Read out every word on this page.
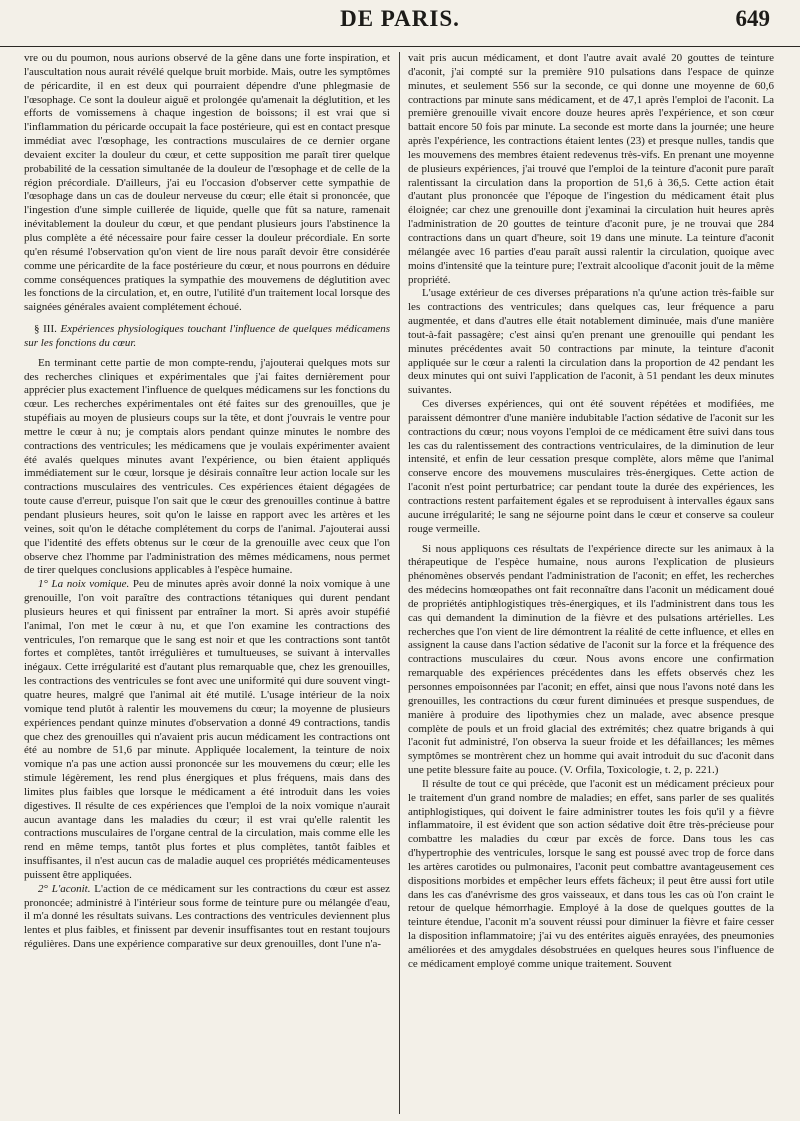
DE PARIS.	649

vre ou du poumon, nous aurions observé de la gêne dans une forte inspiration, et l'auscultation nous aurait révélé quelque bruit morbide. Mais, outre les symptômes de péricardite, il en est deux qui pourraient dépendre d'une phlegmasie de l'œsophage. Ce sont la douleur aiguë et prolongée qu'amenait la déglutition, et les efforts de vomissemens à chaque ingestion de boissons; il est vrai que si l'inflammation du péricarde occupait la face postérieure, qui est en contact presque immédiat avec l'œsophage, les contractions musculaires de ce dernier organe devaient exciter la douleur du cœur, et cette supposition me paraît tirer quelque probabilité de la cessation simultanée de la douleur de l'œsophage et de celle de la région précordiale. D'ailleurs, j'ai eu l'occasion d'observer cette sympathie de l'œsophage dans un cas de douleur nerveuse du cœur; elle était si prononcée, que l'ingestion d'une simple cuillerée de liquide, quelle que fût sa nature, ramenait inévitablement la douleur du cœur, et que pendant plusieurs jours l'abstinence la plus complète a été nécessaire pour faire cesser la douleur précordiale. En sorte qu'en résumé l'observation qu'on vient de lire nous paraît devoir être considérée comme une péricardite de la face postérieure du cœur, et nous pourrons en déduire comme conséquences pratiques la sympathie des mouvemens de déglutition avec les fonctions de la circulation, et, en outre, l'utilité d'un traitement local lorsque des saignées générales avaient complétement échoué.

§ III. Expériences physiologiques touchant l'influence de quelques médicamens sur les fonctions du cœur.

En terminant cette partie de mon compte-rendu, j'ajouterai quelques mots sur des recherches cliniques et expérimentales que j'ai faites dernièrement pour apprécier plus exactement l'influence de quelques médicamens sur les fonctions du cœur. Les recherches expérimentales ont été faites sur des grenouilles, que je stupéfiais au moyen de plusieurs coups sur la tête, et dont j'ouvrais le ventre pour mettre le cœur à nu; je comptais alors pendant quinze minutes le nombre des contractions des ventricules; les médicamens que je voulais expérimenter avaient été avalés quelques minutes avant l'expérience, ou bien étaient appliqués immédiatement sur le cœur, lorsque je désirais connaître leur action locale sur les contractions musculaires des ventricules. Ces expériences étaient dégagées de toute cause d'erreur, puisque l'on sait que le cœur des grenouilles continue à battre pendant plusieurs heures, soit qu'on le laisse en rapport avec les artères et les veines, soit qu'on le détache complétement du corps de l'animal. J'ajouterai aussi que l'identité des effets obtenus sur le cœur de la grenouille avec ceux que l'on observe chez l'homme par l'administration des mêmes médicamens, nous permet de tirer quelques conclusions applicables à l'espèce humaine.

1° La noix vomique. Peu de minutes après avoir donné la noix vomique à une grenouille, l'on voit paraître des contractions tétaniques qui durent pendant plusieurs heures et qui finissent par entraîner la mort. Si après avoir stupéfié l'animal, l'on met le cœur à nu, et que l'on examine les contractions des ventricules, l'on remarque que le sang est noir et que les contractions sont tantôt fortes et complètes, tantôt irrégulières et tumultueuses, se suivant à intervalles inégaux. Cette irrégularité est d'autant plus remarquable que, chez les grenouilles, les contractions des ventricules se font avec une uniformité qui dure souvent vingt-quatre heures, malgré que l'animal ait été mutilé. L'usage intérieur de la noix vomique tend plutôt à ralentir les mouvemens du cœur; la moyenne de plusieurs expériences pendant quinze minutes d'observation a donné 49 contractions, tandis que chez des grenouilles qui n'avaient pris aucun médicament les contractions ont été au nombre de 51,6 par minute. Appliquée localement, la teinture de noix vomique n'a pas une action aussi prononcée sur les mouvemens du cœur; elle les stimule légèrement, les rend plus énergiques et plus fréquens, mais dans des limites plus faibles que lorsque le médicament a été introduit dans les voies digestives. Il résulte de ces expériences que l'emploi de la noix vomique n'aurait aucun avantage dans les maladies du cœur; il est vrai qu'elle ralentit les contractions musculaires de l'organe central de la circulation, mais comme elle les rend en même temps, tantôt plus fortes et plus complètes, tantôt faibles et insuffisantes, il n'est aucun cas de maladie auquel ces propriétés médicamenteuses puissent être appliquées.

2° L'aconit. L'action de ce médicament sur les contractions du cœur est assez prononcée; administré à l'intérieur sous forme de teinture pure ou mélangée d'eau, il m'a donné les résultats suivans. Les contractions des ventricules deviennent plus lentes et plus faibles, et finissent par devenir insuffisantes tout en restant toujours régulières. Dans une expérience comparative sur deux grenouilles, dont l'une n'a-

vait pris aucun médicament, et dont l'autre avait avalé 20 gouttes de teinture d'aconit, j'ai compté sur la première 910 pulsations dans l'espace de quinze minutes, et seulement 556 sur la seconde, ce qui donne une moyenne de 60,6 contractions par minute sans médicament, et de 47,1 après l'emploi de l'aconit. La première grenouille vivait encore douze heures après l'expérience, et son cœur battait encore 50 fois par minute. La seconde est morte dans la journée; une heure après l'expérience, les contractions étaient lentes (23) et presque nulles, tandis que les mouvemens des membres étaient redevenus très-vifs. En prenant une moyenne de plusieurs expériences, j'ai trouvé que l'emploi de la teinture d'aconit pure paraît ralentissant la circulation dans la proportion de 51,6 à 36,5. Cette action était d'autant plus prononcée que l'époque de l'ingestion du médicament était plus éloignée; car chez une grenouille dont j'examinai la circulation huit heures après l'administration de 20 gouttes de teinture d'aconit pure, je ne trouvai que 284 contractions dans un quart d'heure, soit 19 dans une minute. La teinture d'aconit mélangée avec 16 parties d'eau paraît aussi ralentir la circulation, quoique avec moins d'intensité que la teinture pure; l'extrait alcoolique d'aconit jouit de la même propriété.

L'usage extérieur de ces diverses préparations n'a qu'une action très-faible sur les contractions des ventricules; dans quelques cas, leur fréquence a paru augmentée, et dans d'autres elle était notablement diminuée, mais d'une manière tout-à-fait passagère; c'est ainsi qu'en prenant une grenouille qui pendant les minutes précédentes avait 50 contractions par minute, la teinture d'aconit appliquée sur le cœur a ralenti la circulation dans la proportion de 42 pendant les deux minutes qui ont suivi l'application de l'aconit, à 51 pendant les deux minutes suivantes.

Ces diverses expériences, qui ont été souvent répétées et modifiées, me paraissent démontrer d'une manière indubitable l'action sédative de l'aconit sur les contractions du cœur; nous voyons l'emploi de ce médicament être suivi dans tous les cas du ralentissement des contractions ventriculaires, de la diminution de leur intensité, et enfin de leur cessation presque complète, alors même que l'animal conserve encore des mouvemens musculaires très-énergiques. Cette action de l'aconit n'est point perturbatrice; car pendant toute la durée des expériences, les contractions restent parfaitement égales et se reproduisent à intervalles égaux sans aucune irrégularité; le sang ne séjourne point dans le cœur et conserve sa couleur rouge vermeille.

Si nous appliquons ces résultats de l'expérience directe sur les animaux à la thérapeutique de l'espèce humaine, nous aurons l'explication de plusieurs phénomènes observés pendant l'administration de l'aconit; en effet, les recherches des médecins homœopathes ont fait reconnaître dans l'aconit un médicament doué de propriétés antiphlogistiques très-énergiques, et ils l'administrent dans tous les cas qui demandent la diminution de la fièvre et des pulsations artérielles. Les recherches que l'on vient de lire démontrent la réalité de cette influence, et elles en assignent la cause dans l'action sédative de l'aconit sur la force et la fréquence des contractions musculaires du cœur. Nous avons encore une confirmation remarquable des expériences précédentes dans les effets observés chez les personnes empoisonnées par l'aconit; en effet, ainsi que nous l'avons noté dans les grenouilles, les contractions du cœur furent diminuées et presque suspendues, de manière à produire des lipothymies chez un malade, avec absence presque complète de pouls et un froid glacial des extrémités; chez quatre brigands à qui l'aconit fut administré, l'on observa la sueur froide et les défaillances; les mêmes symptômes se montrèrent chez un homme qui avait introduit du suc d'aconit dans une petite blessure faite au pouce. (V. Orfila, Toxicologie, t. 2, p. 221.)

Il résulte de tout ce qui précède, que l'aconit est un médicament précieux pour le traitement d'un grand nombre de maladies; en effet, sans parler de ses qualités antiphlogistiques, qui doivent le faire administrer toutes les fois qu'il y a fièvre inflammatoire, il est évident que son action sédative doit être très-précieuse pour combattre les maladies du cœur par excès de force. Dans tous les cas d'hypertrophie des ventricules, lorsque le sang est poussé avec trop de force dans les artères carotides ou pulmonaires, l'aconit peut combattre avantageusement ces dispositions morbides et empêcher leurs effets fâcheux; il peut être aussi fort utile dans les cas d'anévrisme des gros vaisseaux, et dans tous les cas où l'on craint le retour de quelque hémorrhagie. Employé à la dose de quelques gouttes de la teinture étendue, l'aconit m'a souvent réussi pour diminuer la fièvre et faire cesser la disposition inflammatoire; j'ai vu des entérites aiguës enrayées, des pneumonies améliorées et des amygdales désobstruées en quelques heures sous l'influence de ce médicament employé comme unique traitement. Souvent
